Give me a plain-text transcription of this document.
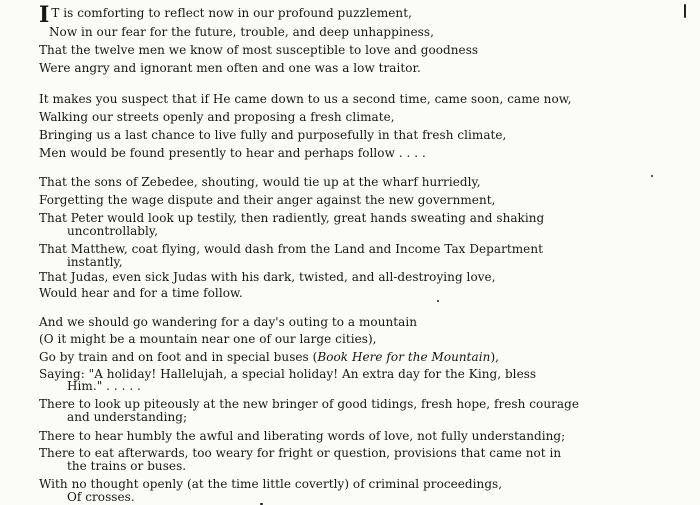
I T is comforting to reflect now in our profound puzzlement,
Now in our fear for the future, trouble, and deep unhappiness,
That the twelve men we know of most susceptible to love and goodness
Were angry and ignorant men often and one was a low traitor.
It makes you suspect that if He came down to us a second time, came soon, came now,
Walking our streets openly and proposing a fresh climate,
Bringing us a last chance to live fully and purposefully in that fresh climate,
Men would be found presently to hear and perhaps follow . . . .
That the sons of Zebedee, shouting, would tie up at the wharf hurriedly,
Forgetting the wage dispute and their anger against the new government,
That Peter would look up testily, then radiently, great hands sweating and shaking
uncontrollably,
That Matthew, coat flying, would dash from the Land and Income Tax Department
instantly,
That Judas, even sick Judas with his dark, twisted, and all-destroying love,
Would hear and for a time follow.
And we should go wandering for a day's outing to a mountain
(O it might be a mountain near one of our large cities),
Go by train and on foot and in special buses (Book Here for the Mountain),
Saying: "A holiday! Hallelujah, a special holiday! An extra day for the King, bless
Him." . . . . .
There to look up piteously at the new bringer of good tidings, fresh hope, fresh courage
and understanding;
There to hear humbly the awful and liberating words of love, not fully understanding;
There to eat afterwards, too weary for fright or question, provisions that came not in
the trains or buses.
With no thought openly (at the time little covertly) of criminal proceedings,
Of crosses.
